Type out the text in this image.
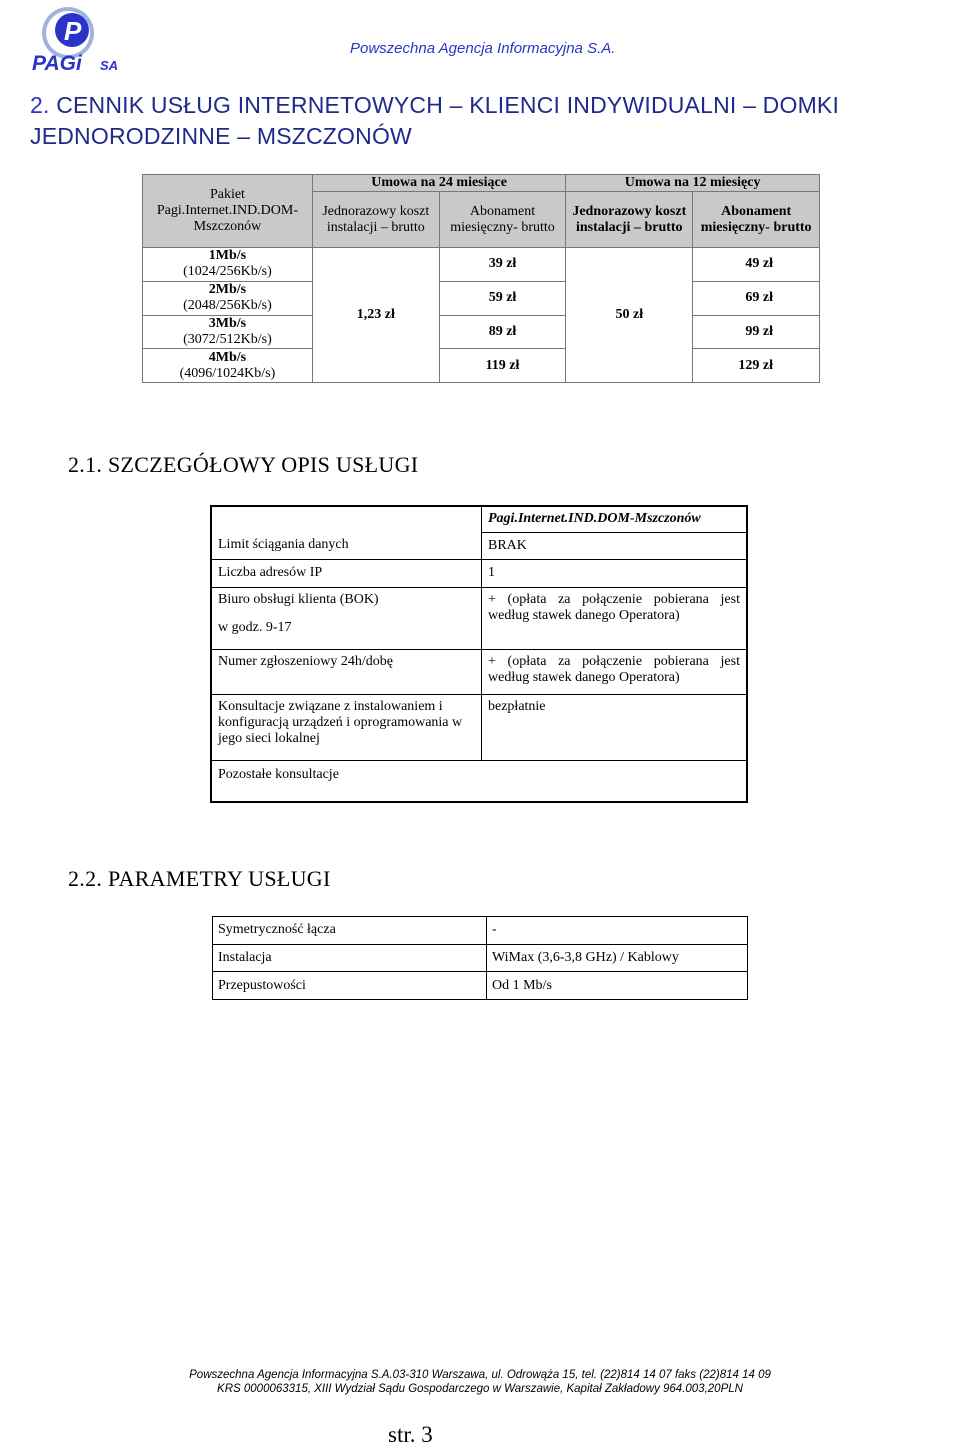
P
PAGi SA
Powszechna Agencja Informacyjna S.A.
2. CENNIK USŁUG INTERNETOWYCH – KLIENCI INDYWIDUALNI – DOMKI JEDNORODZINNE – MSZCZONÓW
Pakiet Pagi.Internet.IND.DOM-Mszczonów	Umowa na 24 miesiące		Umowa na 12 miesięcy	
	Jednorazowy koszt instalacji – brutto	Abonament miesięczny- brutto	Jednorazowy koszt instalacji – brutto	Abonament miesięczny- brutto
1Mb/s
(1024/256Kb/s)	1,23 zł	39 zł	50 zł	49 zł
2Mb/s
(2048/256Kb/s)		59 zł		69 zł
3Mb/s
(3072/512Kb/s)		89 zł		99 zł
4Mb/s
(4096/1024Kb/s)		119 zł		129 zł
2.1. SZCZEGÓŁOWY OPIS USŁUGI
	Pagi.Internet.IND.DOM-Mszczonów
Limit ściągania danych	BRAK
Liczba adresów IP	1

Biuro obsługi klienta (BOK)
w godz. 9-17	+ (opłata za połączenie pobierana jest według stawek danego Operatora)
Numer zgłoszeniowy 24h/dobę	+ (opłata za połączenie pobierana jest według stawek danego Operatora)
Konsultacje związane z instalowaniem i konfiguracją urządzeń i oprogramowania w jego sieci lokalnej	bezpłatnie
Pozostałe konsultacje	
2.2. PARAMETRY USŁUGI
Symetryczność łącza	-
Instalacja	WiMax (3,6-3,8 GHz) / Kablowy
Przepustowości	Od 1 Mb/s
Powszechna Agencja Informacyjna S.A.03-310 Warszawa, ul. Odrowąża 15, tel. (22)814 14 07 faks (22)814 14 09
KRS 0000063315, XIII Wydział Sądu Gospodarczego w Warszawie, Kapitał Zakładowy 964.003,20PLN
str. 3
